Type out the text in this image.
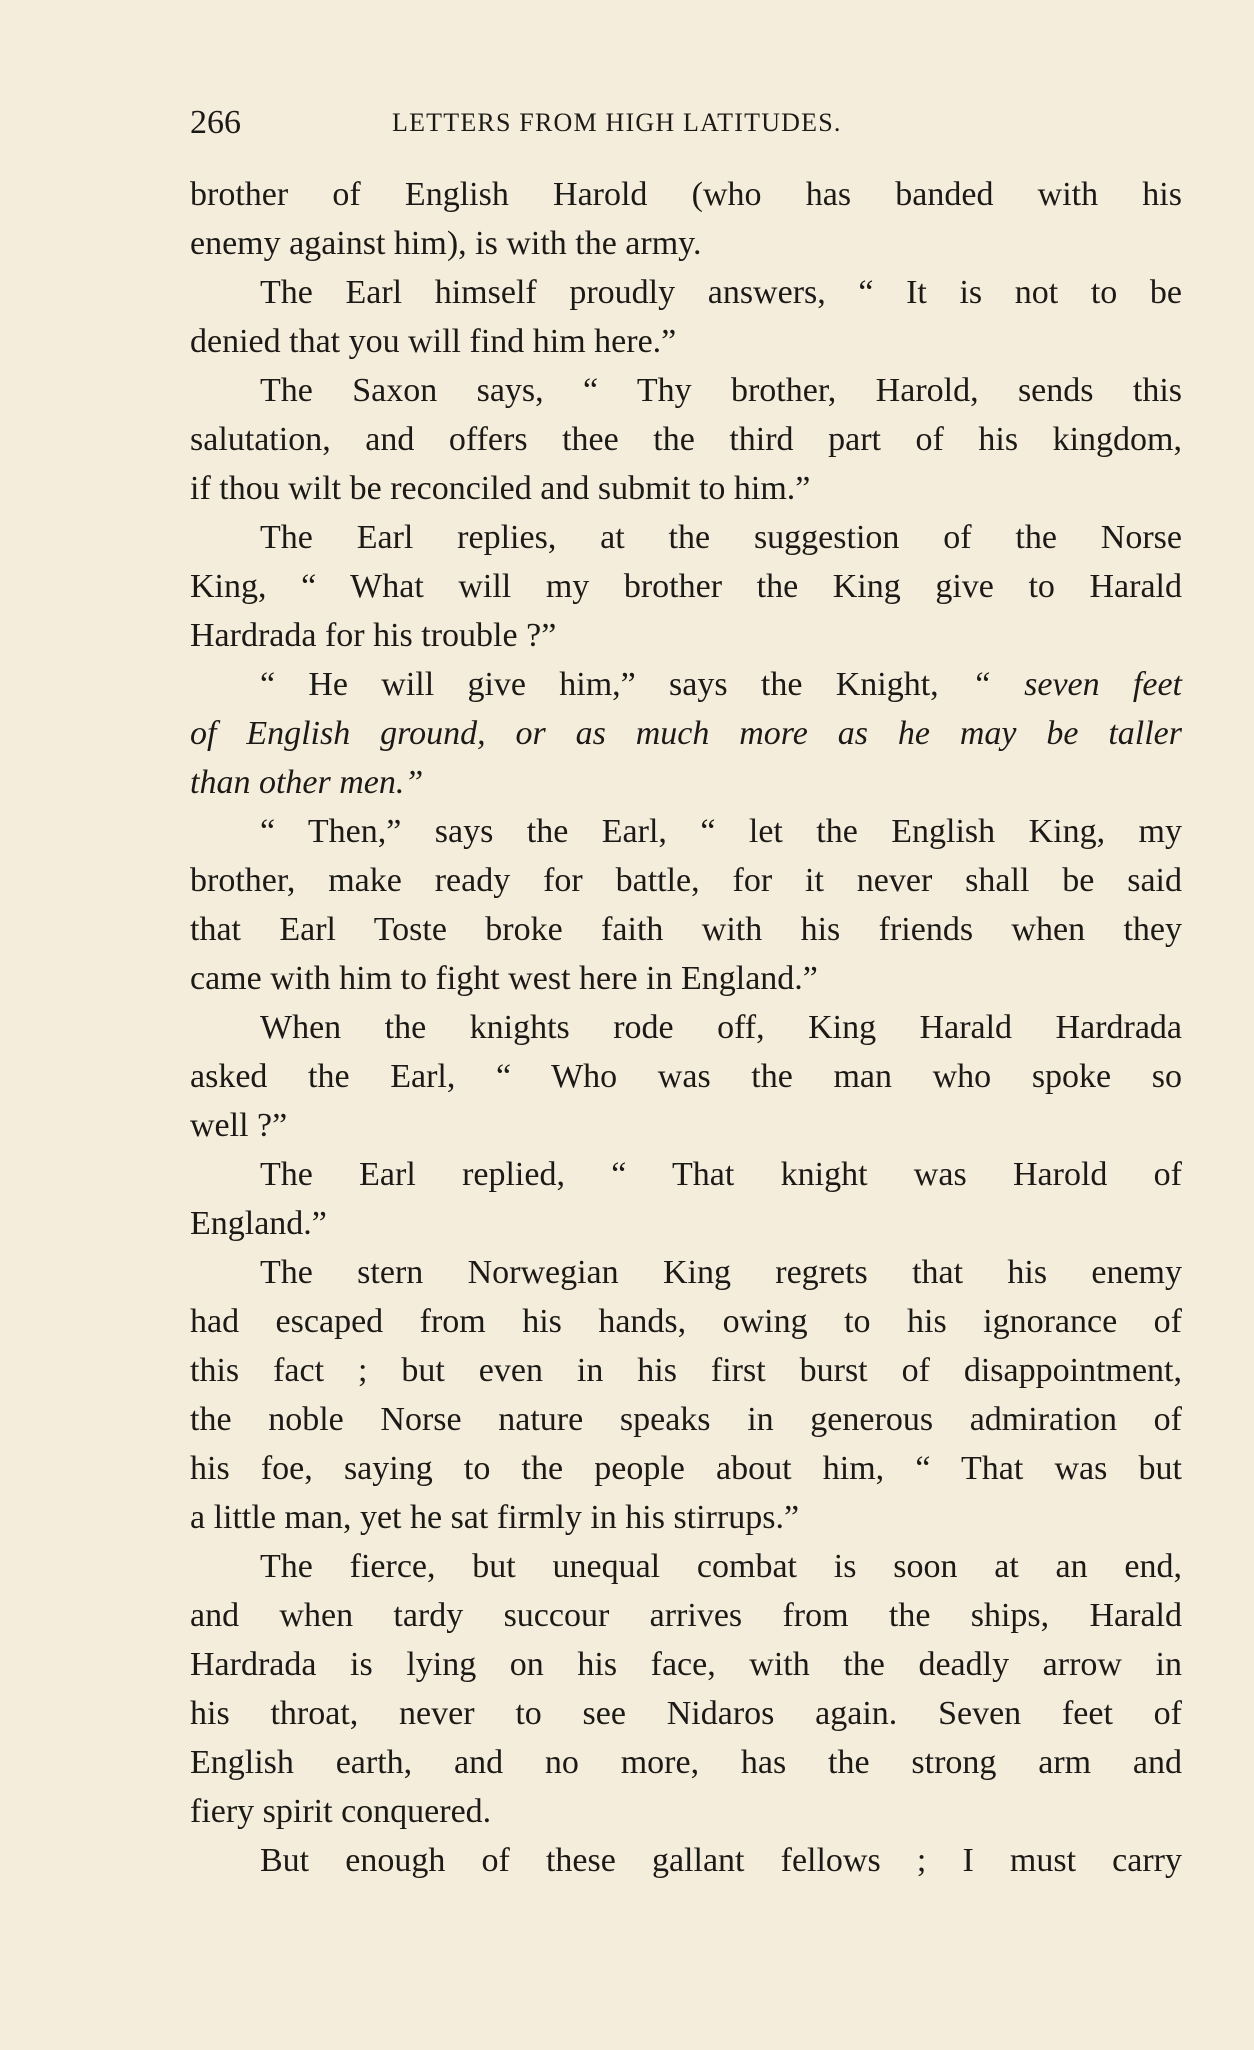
266	LETTERS FROM HIGH LATITUDES.
brother of English Harold (who has banded with his
enemy against him), is with the army.
The Earl himself proudly answers, “ It is not to be
denied that you will find him here.”
The Saxon says, “ Thy brother, Harold, sends this
salutation, and offers thee the third part of his kingdom,
if thou wilt be reconciled and submit to him.”
The Earl replies, at the suggestion of the Norse
King, “ What will my brother the King give to Harald
Hardrada for his trouble ?”
“ He will give him,” says the Knight, “ seven feet
of English ground, or as much more as he may be taller
than other men.”
“ Then,” says the Earl, “ let the English King, my
brother, make ready for battle, for it never shall be said
that Earl Toste broke faith with his friends when they
came with him to fight west here in England.”
When the knights rode off, King Harald Hardrada
asked the Earl, “ Who was the man who spoke so
well ?”
The Earl replied, “ That knight was Harold of
England.”
The stern Norwegian King regrets that his enemy
had escaped from his hands, owing to his ignorance of
this fact ; but even in his first burst of disappointment,
the noble Norse nature speaks in generous admiration of
his foe, saying to the people about him, “ That was but
a little man, yet he sat firmly in his stirrups.”
The fierce, but unequal combat is soon at an end,
and when tardy succour arrives from the ships, Harald
Hardrada is lying on his face, with the deadly arrow in
his throat, never to see Nidaros again. Seven feet of
English earth, and no more, has the strong arm and
fiery spirit conquered.
But enough of these gallant fellows ; I must carry
